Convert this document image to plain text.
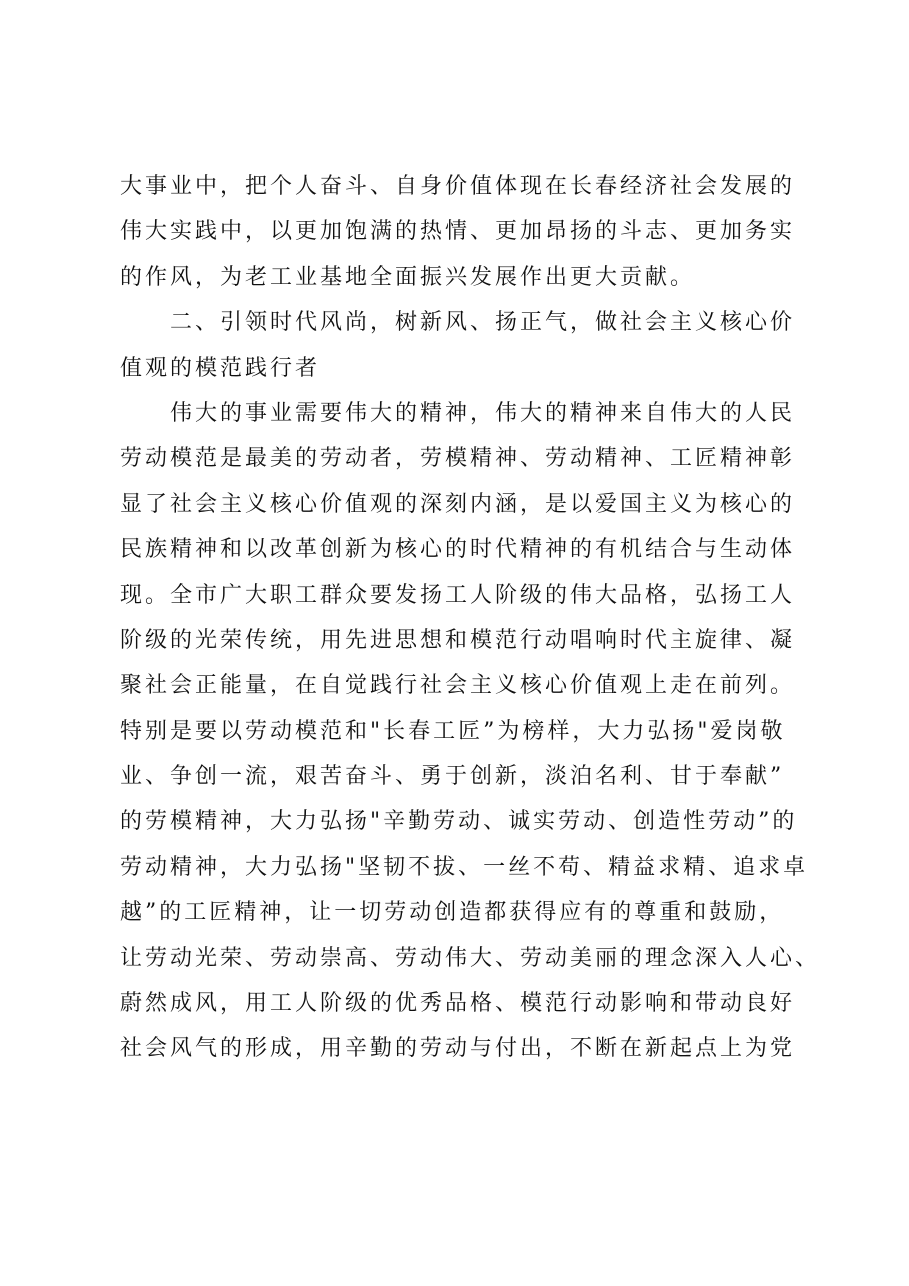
大事业中，把个人奋斗、自身价值体现在长春经济社会发展的
伟大实践中，以更加饱满的热情、更加昂扬的斗志、更加务实
的作风，为老工业基地全面振兴发展作出更大贡献。
二、引领时代风尚，树新风、扬正气，做社会主义核心价
值观的模范践行者
伟大的事业需要伟大的精神，伟大的精神来自伟大的人民
劳动模范是最美的劳动者，劳模精神、劳动精神、工匠精神彰
显了社会主义核心价值观的深刻内涵，是以爱国主义为核心的
民族精神和以改革创新为核心的时代精神的有机结合与生动体
现。全市广大职工群众要发扬工人阶级的伟大品格，弘扬工人
阶级的光荣传统，用先进思想和模范行动唱响时代主旋律、凝
聚社会正能量，在自觉践行社会主义核心价值观上走在前列。
特别是要以劳动模范和"长春工匠”为榜样，大力弘扬"爱岗敬
业、争创一流，艰苦奋斗、勇于创新，淡泊名利、甘于奉献”
的劳模精神，大力弘扬"辛勤劳动、诚实劳动、创造性劳动”的
劳动精神，大力弘扬"坚韧不拔、一丝不苟、精益求精、追求卓
越”的工匠精神，让一切劳动创造都获得应有的尊重和鼓励，
让劳动光荣、劳动崇高、劳动伟大、劳动美丽的理念深入人心、
蔚然成风，用工人阶级的优秀品格、模范行动影响和带动良好
社会风气的形成，用辛勤的劳动与付出，不断在新起点上为党
